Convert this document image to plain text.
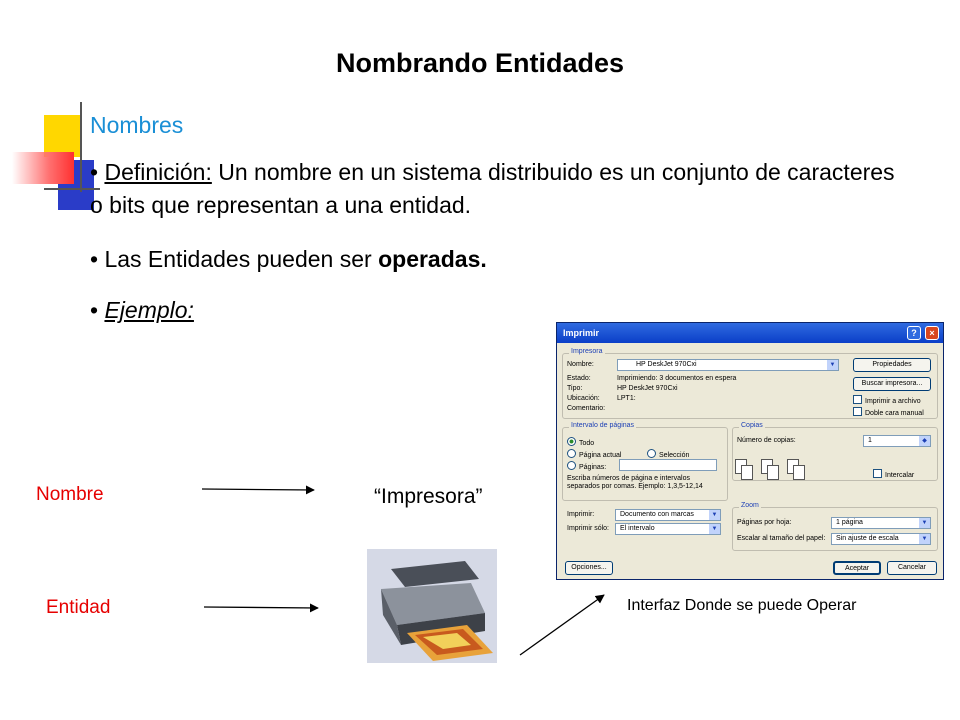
Nombrando Entidades
Nombres
• Definición: Un nombre en un sistema distribuido es un conjunto de caracteres o bits que representan a una entidad.
• Las Entidades pueden ser operadas.
• Ejemplo:
Imprimir	?	×
Impresora
Nombre:	HP DeskJet 970Cxi	▼
Estado:	Imprimiendo: 3 documentos en espera
Tipo:	HP DeskJet 970Cxi
Ubicación: LPT1:
Comentario:
Propiedades
Buscar impresora...
Imprimir a archivo
Doble cara manual
Intervalo de páginas
Todo
Página actual	Selección
Páginas:
Escriba números de página e intervalos separados por comas. Ejemplo: 1,3,5-12,14
Copias
Número de copias:	1	◆
Intercalar
Imprimir:	Documento con marcas	▼
Imprimir sólo:	El intervalo	▼
Zoom
Páginas por hoja:	1 página	▼
Escalar al tamaño del papel:	Sin ajuste de escala	▼
Opciones...	Aceptar	Cancelar
Nombre	“Impresora”
Entidad	Interfaz Donde se puede Operar
